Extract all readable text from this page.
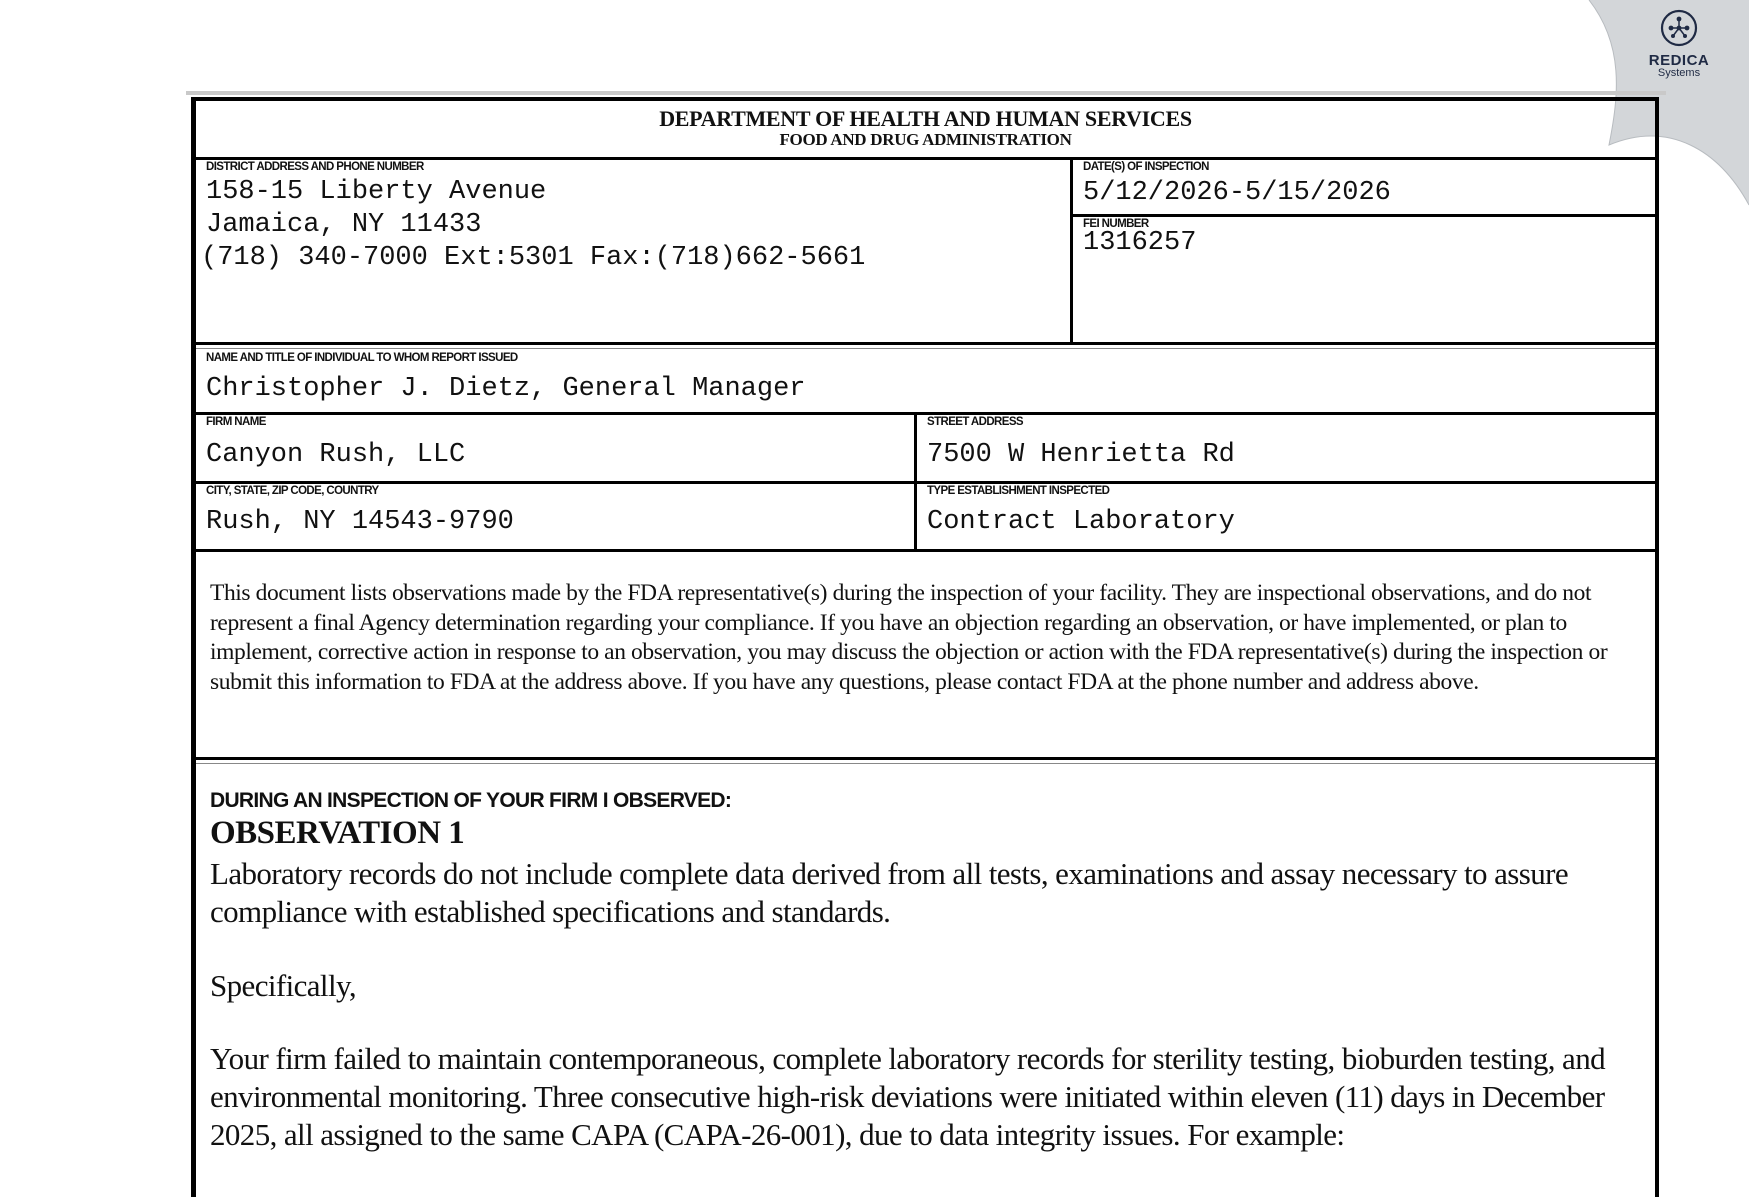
REDICA
Systems
DEPARTMENT OF HEALTH AND HUMAN SERVICES
FOOD AND DRUG ADMINISTRATION
DISTRICT ADDRESS AND PHONE NUMBER
158-15 Liberty Avenue
Jamaica, NY 11433
(718) 340-7000 Ext:5301 Fax:(718)662-5661
DATE(S) OF INSPECTION
5/12/2026-5/15/2026
FEI NUMBER
1316257
NAME AND TITLE OF INDIVIDUAL TO WHOM REPORT ISSUED
Christopher J. Dietz, General Manager
FIRM NAME
Canyon Rush, LLC
STREET ADDRESS
7500 W Henrietta Rd
CITY, STATE, ZIP CODE, COUNTRY
Rush, NY 14543-9790
TYPE ESTABLISHMENT INSPECTED
Contract Laboratory
This document lists observations made by the FDA representative(s) during the inspection of your facility. They are inspectional observations, and do not represent a final Agency determination regarding your compliance. If you have an objection regarding an observation, or have implemented, or plan to implement, corrective action in response to an observation, you may discuss the objection or action with the FDA representative(s) during the inspection or submit this information to FDA at the address above. If you have any questions, please contact FDA at the phone number and address above.
DURING AN INSPECTION OF YOUR FIRM I OBSERVED:
OBSERVATION 1
Laboratory records do not include complete data derived from all tests, examinations and assay necessary to assure compliance with established specifications and standards.
Specifically,
Your firm failed to maintain contemporaneous, complete laboratory records for sterility testing, bioburden testing, and environmental monitoring. Three consecutive high-risk deviations were initiated within eleven (11) days in December 2025, all assigned to the same CAPA (CAPA-26-001), due to data integrity issues. For example:
